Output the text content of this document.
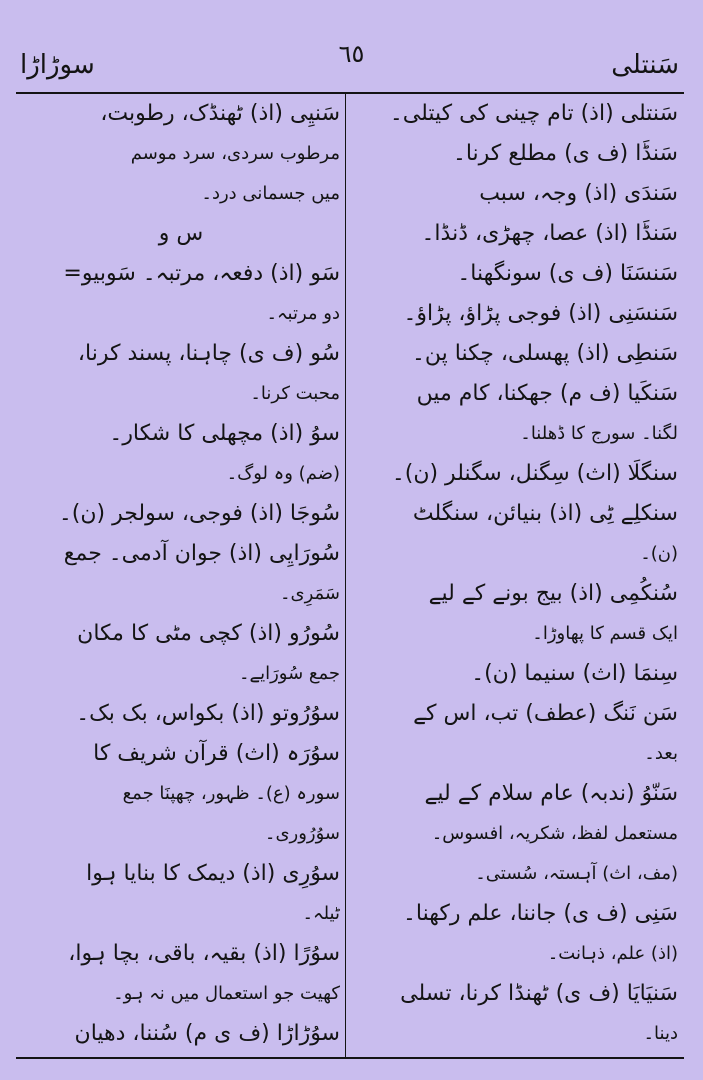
٦٥	سَنتلی
سوڑاڑا
سَنتلی (اذ) تام چینی کی کیتلی۔
سَنڈَا (ف ی) مطلع کرنا۔
سَندَی (اذ) وجہ، سبب
سَنڈَا (اذ) عصا، چھڑی، ڈنڈا۔
سَنسَنَا (ف ی) سونگھنا۔
سَنسَنِی (اذ) فوجی پڑاؤ، پڑاؤ۔
سَنطِی (اذ) پھسلی، چکنا پن۔
سَنکَیا (ف م) جھکنا، کام میں
لگنا۔ سورج کا ڈھلنا۔
سنگلَا (اث) سِگنل، سگنلر (ن)۔
سنکلِے ٹِی (اذ) بنیائن، سنگلٹ
(ن)۔
سُنکُمِی (اذ) بیج بونے کے لیے
ایک قسم کا پھاوڑا۔
سِنمَا (اث) سنیما (ن)۔
سَن نَنگ (عطف) تب، اس کے
بعد۔
سَنّوُ (ندبہ) عام سلام کے لیے
مستعمل لفظ، شکریہ، افسوس۔
(مف، اث) آہستہ، سُستی۔
سَنِی (ف ی) جاننا، علم رکھنا۔
(اذ) علم، ذہانت۔
سَنیَایَا (ف ی) ٹھنڈا کرنا، تسلی
دینا۔
سَنیِی (اذ) ٹھنڈک، رطوبت،
مرطوب سردی، سرد موسم
میں جسمانی درد۔
س و
سَو (اذ) دفعہ، مرتبہ۔ سَوبیو=
دو مرتبہ۔
سُو (ف ی) چاہنا، پسند کرنا،
محبت کرنا۔
سوُ (اذ) مچھلی کا شکار۔
(ضم) وہ لوگ۔
سُوجَا (اذ) فوجی، سولجر (ن)۔
سُورَایِی (اذ) جوان آدمی۔ جمع
سَمَرِی۔
سُورُو (اذ) کچی مٹی کا مکان
جمع سُورَایے۔
سوُرُوتو (اذ) بکواس، بک بک۔
سوُرَہ (اث) قرآن شریف کا
سورہ (ع)۔ ظہور، چھپنَا جمع
سوُرُوری۔
سوُرِی (اذ) دیمک کا بنایا ہوا
ٹیلہ۔
سوُرًا (اذ) بقیہ، باقی، بچا ہوا،
کھیت جو استعمال میں نہ ہو۔
سوُڑاڑا (ف ی م) سُننا، دھیان
